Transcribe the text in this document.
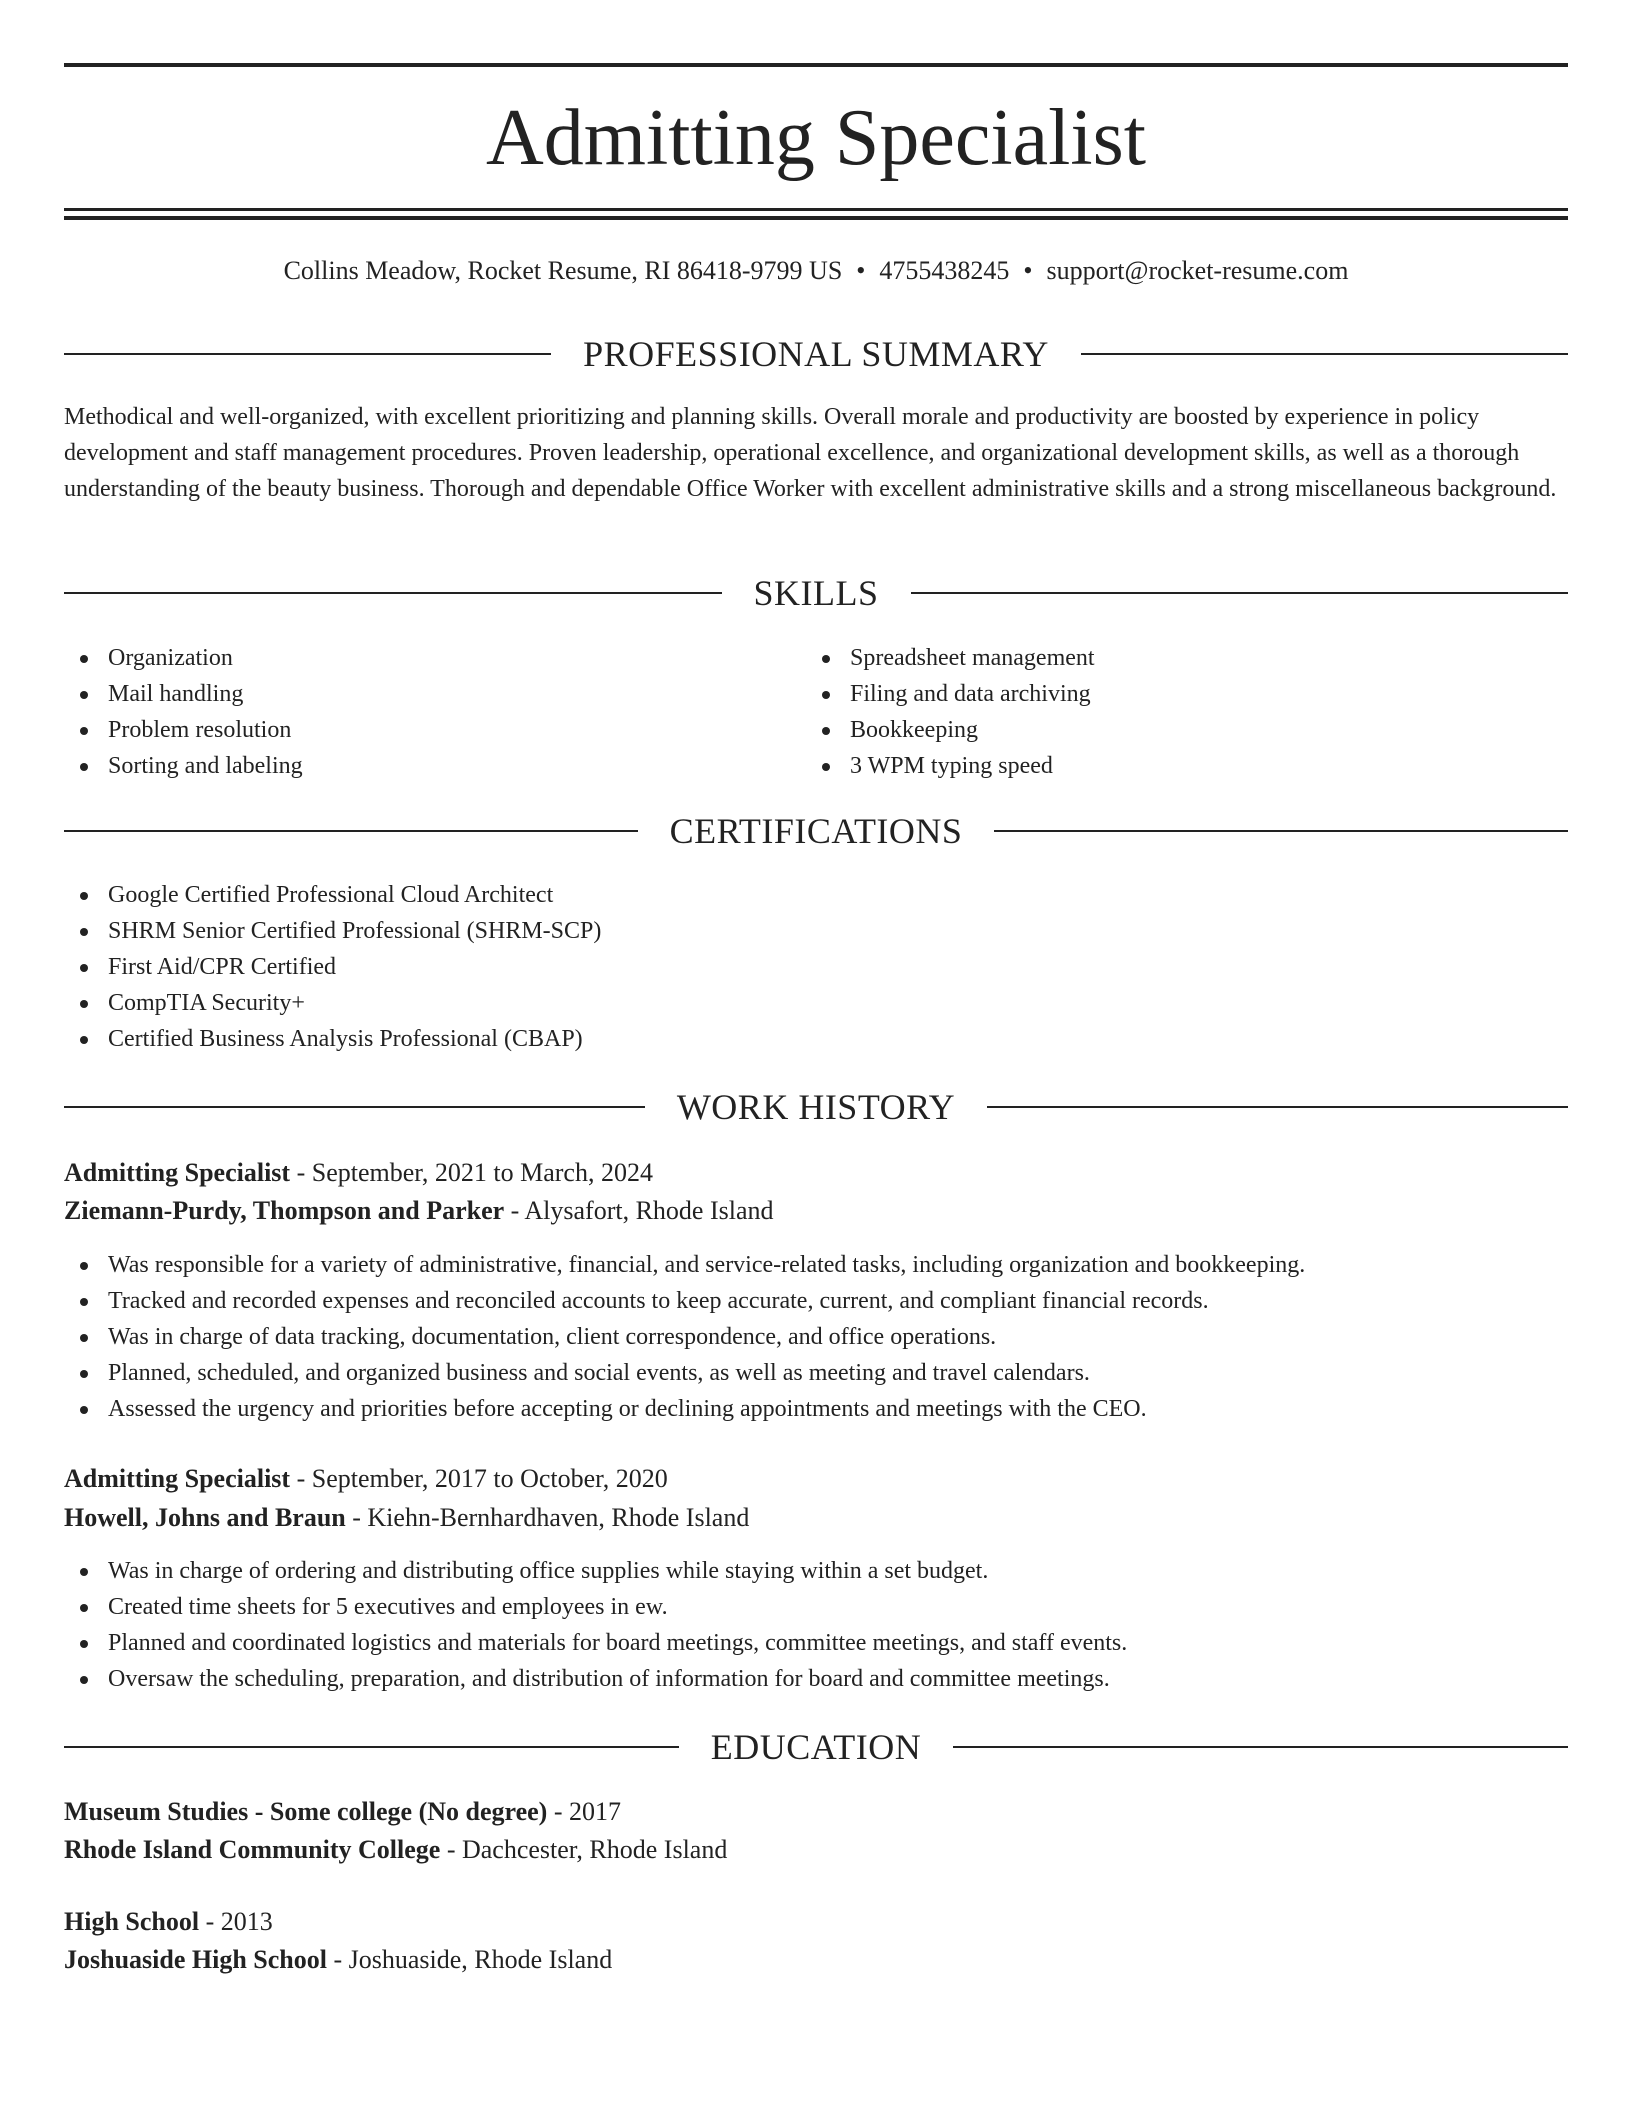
Admitting Specialist
Collins Meadow, Rocket Resume, RI 86418-9799 US • 4755438245 • support@rocket-resume.com
PROFESSIONAL SUMMARY

Methodical and well-organized, with excellent prioritizing and planning skills. Overall morale and productivity are boosted by experience in policy development and staff management procedures. Proven leadership, operational excellence, and organizational development skills, as well as a thorough understanding of the beauty business. Thorough and dependable Office Worker with excellent administrative skills and a strong miscellaneous background.

SKILLS
Organization
Mail handling
Problem resolution
Sorting and labeling
Spreadsheet management
Filing and data archiving
Bookkeeping
3 WPM typing speed
CERTIFICATIONS
Google Certified Professional Cloud Architect
SHRM Senior Certified Professional (SHRM-SCP)
First Aid/CPR Certified
CompTIA Security+
Certified Business Analysis Professional (CBAP)
WORK HISTORY
Admitting Specialist - September, 2021 to March, 2024
Ziemann-Purdy, Thompson and Parker - Alysafort, Rhode Island
Was responsible for a variety of administrative, financial, and service-related tasks, including organization and bookkeeping.
Tracked and recorded expenses and reconciled accounts to keep accurate, current, and compliant financial records.
Was in charge of data tracking, documentation, client correspondence, and office operations.
Planned, scheduled, and organized business and social events, as well as meeting and travel calendars.
Assessed the urgency and priorities before accepting or declining appointments and meetings with the CEO.
Admitting Specialist - September, 2017 to October, 2020
Howell, Johns and Braun - Kiehn-Bernhardhaven, Rhode Island
Was in charge of ordering and distributing office supplies while staying within a set budget.
Created time sheets for 5 executives and employees in ew.
Planned and coordinated logistics and materials for board meetings, committee meetings, and staff events.
Oversaw the scheduling, preparation, and distribution of information for board and committee meetings.
EDUCATION
Museum Studies - Some college (No degree) - 2017
Rhode Island Community College - Dachcester, Rhode Island
High School - 2013
Joshuaside High School - Joshuaside, Rhode Island
